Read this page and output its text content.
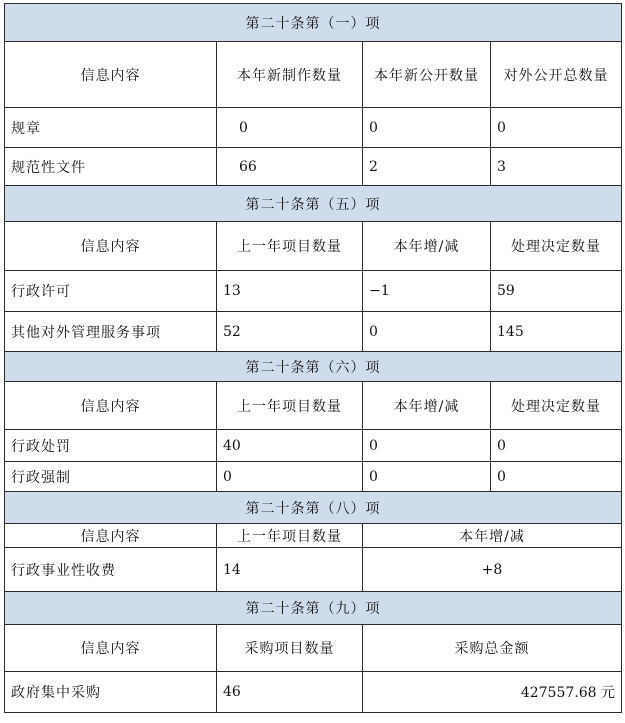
第二十条第（一）项			
信息内容	本年新制作数量	本年新公开数量	对外公开总数量
规章	0	0	0
规范性文件	66	2	3
第二十条第（五）项			
信息内容	上一年项目数量	本年增/减	处理决定数量
行政许可	13	−1	59
其他对外管理服务事项	52	0	145
第二十条第（六）项			
信息内容	上一年项目数量	本年增/减	处理决定数量
行政处罚	40	0	0
行政强制	0	0	0
第二十条第（八）项			
信息内容	上一年项目数量	本年增/减	
行政事业性收费	14	+8	
第二十条第（九）项			
信息内容	采购项目数量	采购总金额	
政府集中采购	46	427557.68 元	
